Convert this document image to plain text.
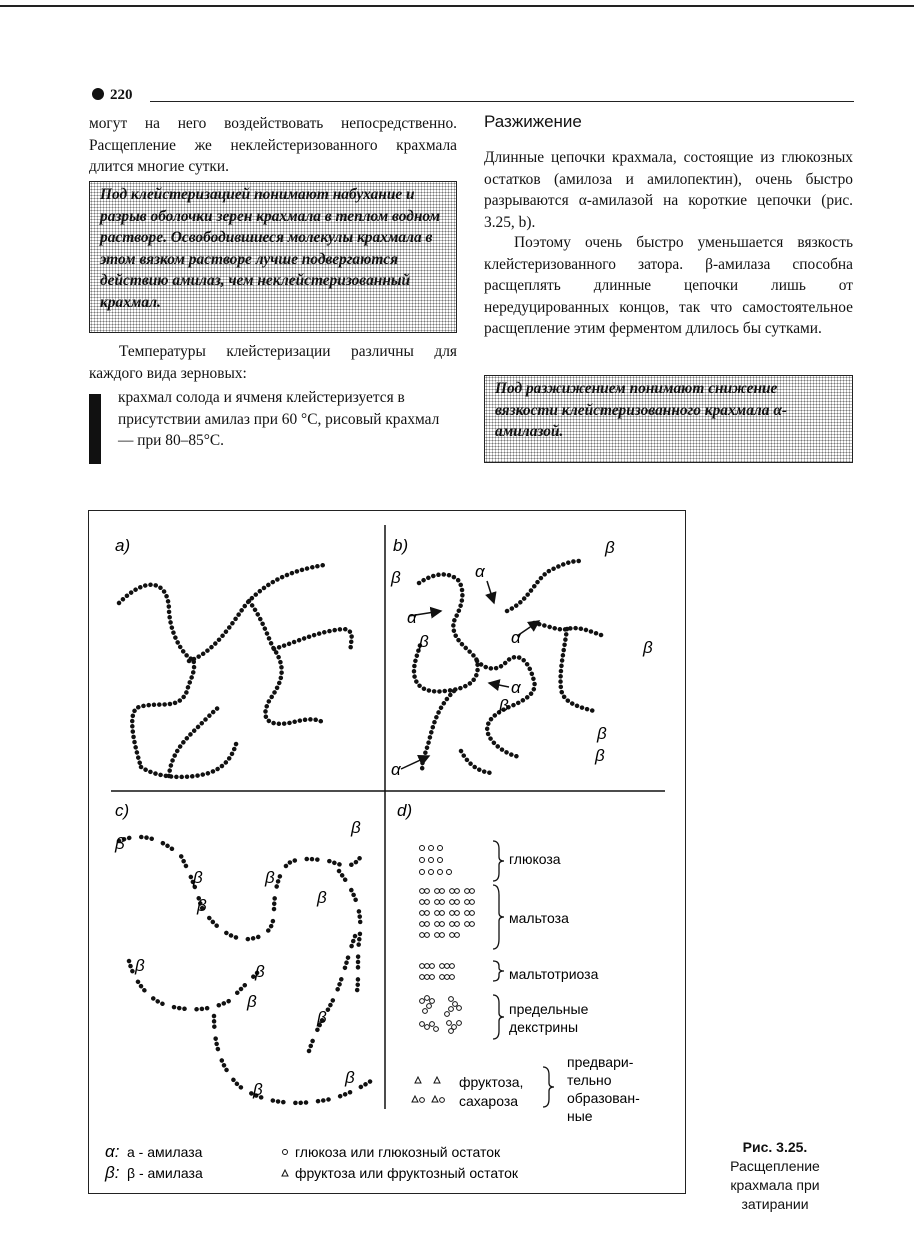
220
могут на него воздействовать непосредственно. Расщепление же неклейстеризованного крахмала длится многие сутки.
Под клейстеризацией понимают набухание и разрыв оболочки зерен крахмала в теплом водном растворе. Освободившиеся молекулы крахмала в этом вязком растворе лучше подвергаются действию амилаз, чем неклейстеризованный крахмал.
Температуры клейстеризации различны для каждого вида зерновых:
крахмал солода и ячменя клейстеризуется в присутствии амилаз при 60 °С, рисовый крахмал — при 80–85°С.
Разжижение
Длинные цепочки крахмала, состоящие из глюкозных остатков (амилоза и амилопектин), очень быстро разрываются α-амилазой на короткие цепочки (рис. 3.25, b).
Поэтому очень быстро уменьшается вязкость клейстеризованного затора. β-амилаза способна расщеплять длинные цепочки лишь от нередуцированных концов, так что самостоятельное расщепление этим ферментом длилось бы сутками.
Под разжижением понимают снижение вязкости клейстеризованного крахмала α-амилазой.
a)	b)
c)	d)
α
α
α
α
α
β
β
β	β
β
β
β
β
β
β
β
β
β
β	β
β
β
β
β
глюкоза
мальтоза
мальтотриоза
предельные
декстрины
фруктоза,
сахароза
предвари-
тельно
образован-
ные
α: а - амилаза
β: β - амилаза
глюкоза или глюкозный остаток
фруктоза или фруктозный остаток
Рис. 3.25. Расщепление крахмала при затирании
